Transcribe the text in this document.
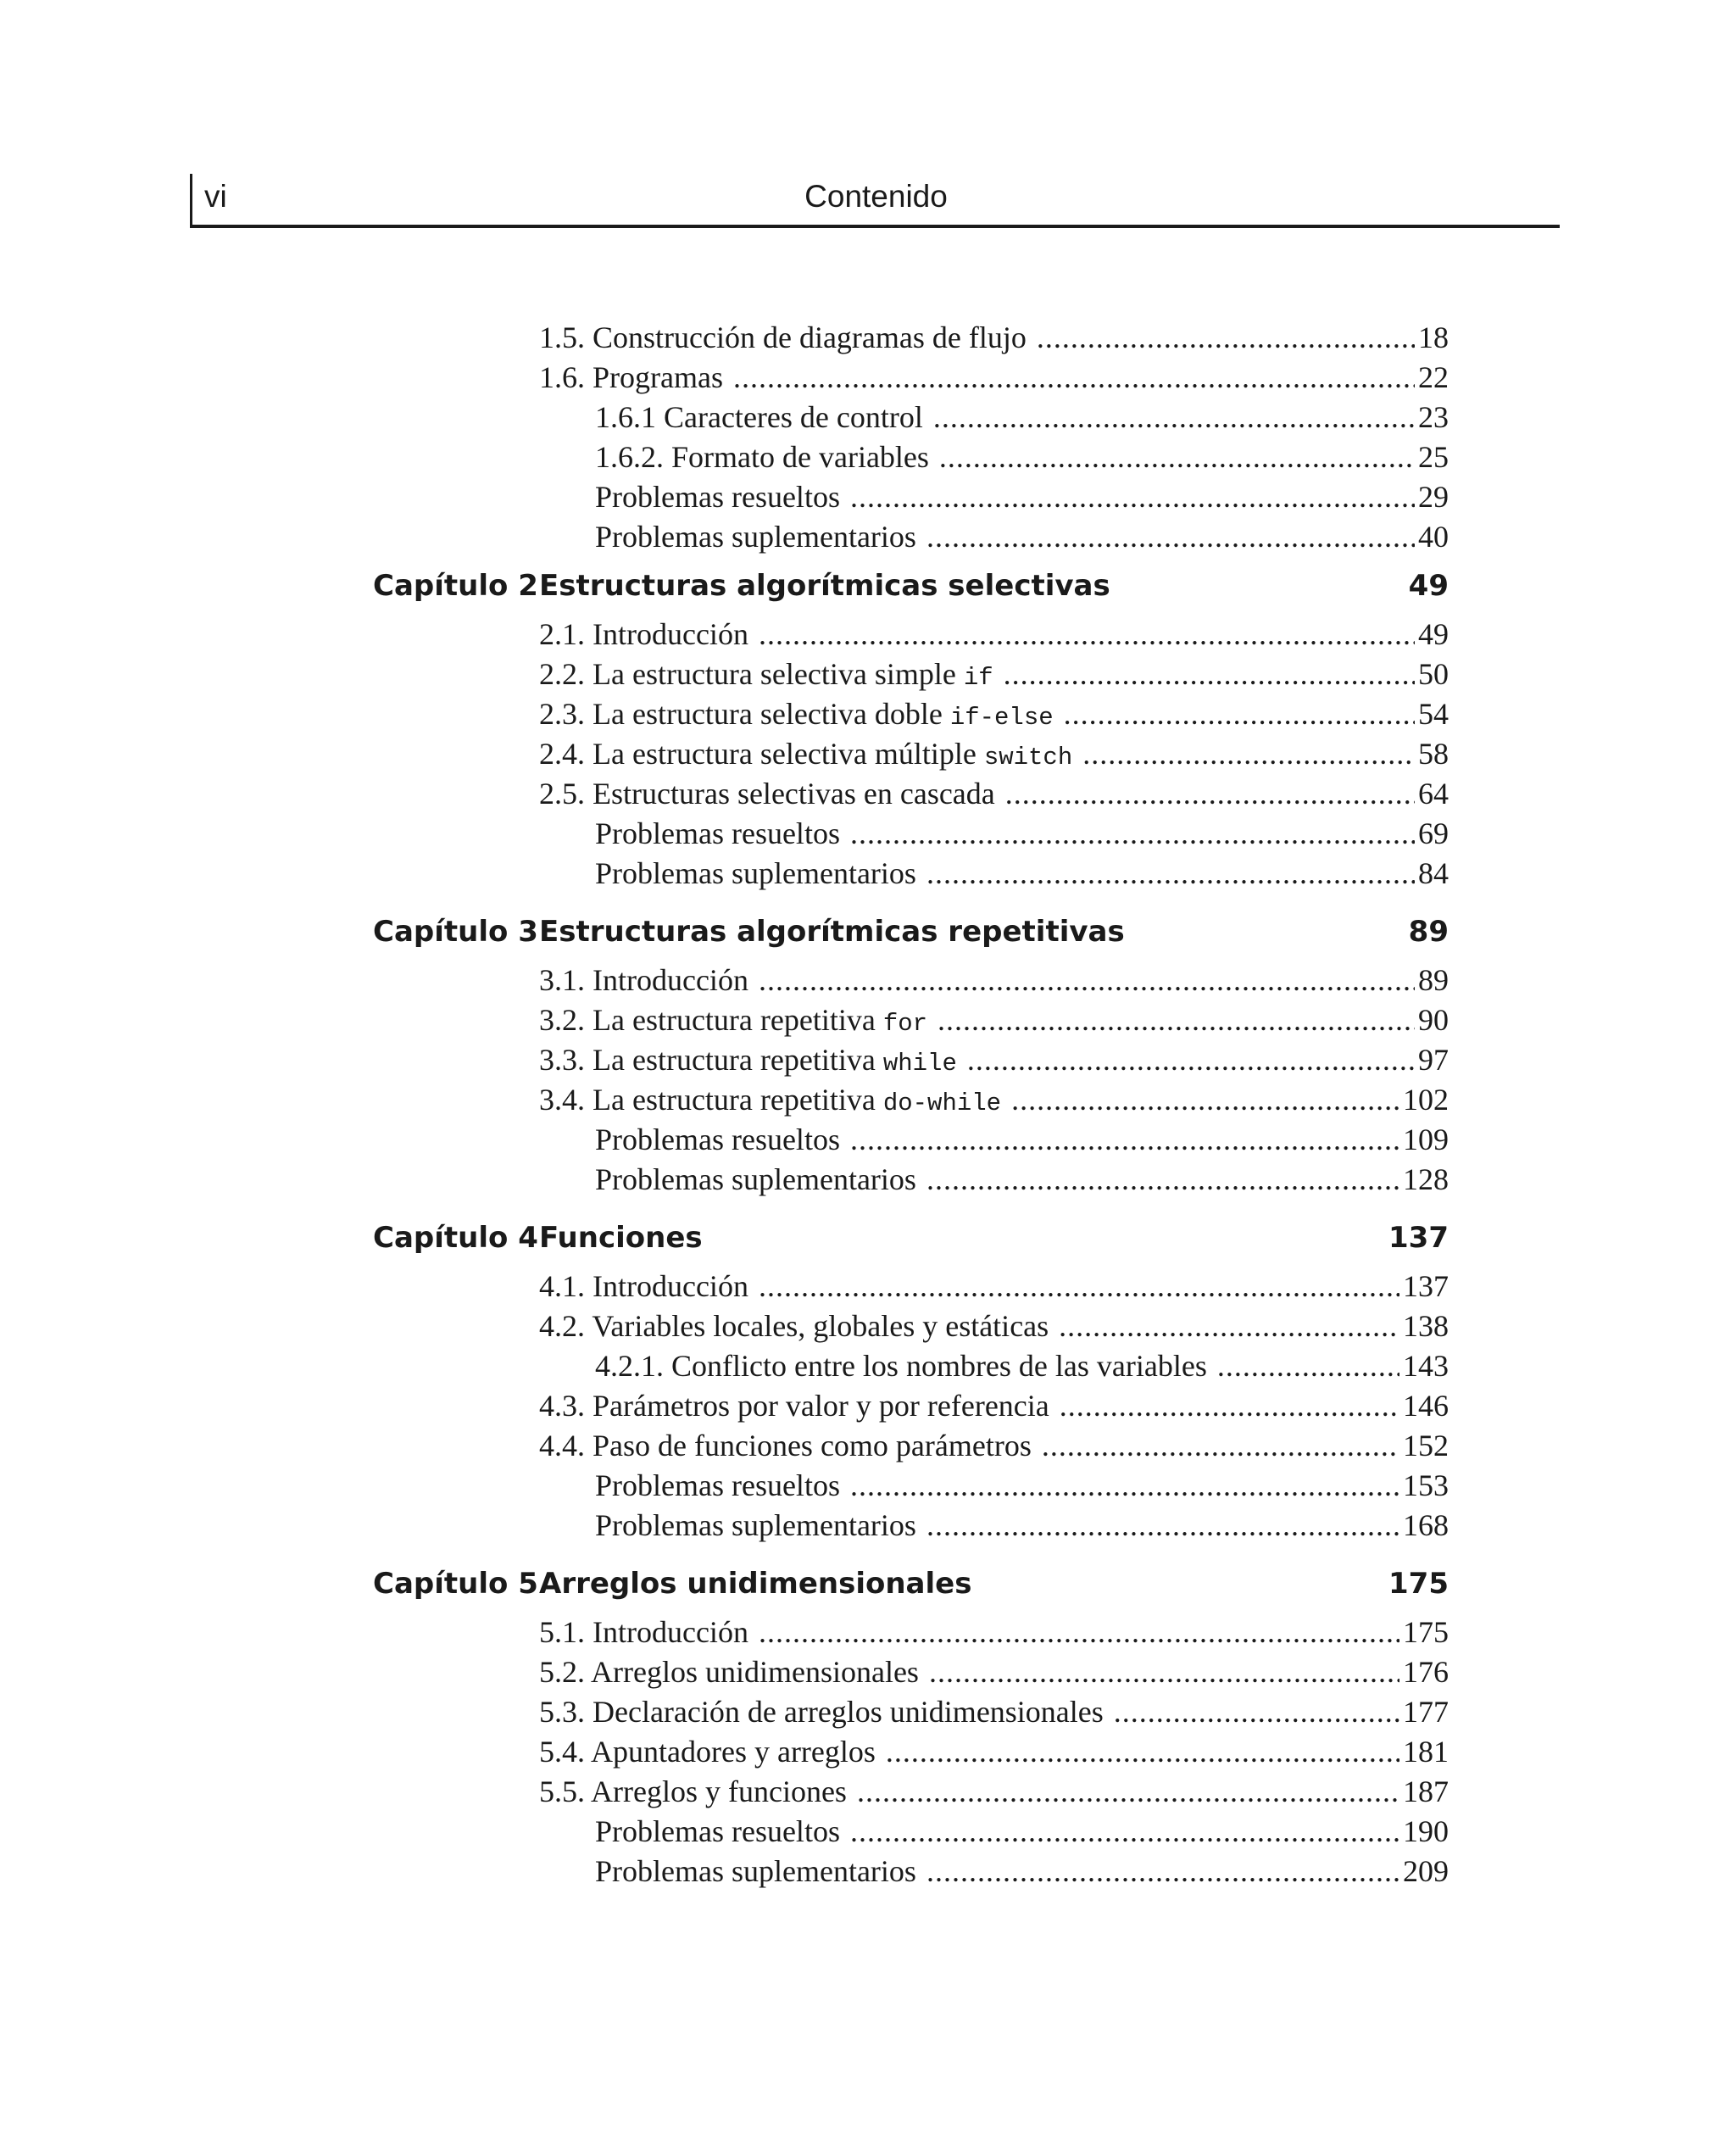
vi	Contenido
1.5. Construcción de diagramas de flujo .....	18
1.6. Programas .....	22
1.6.1 Caracteres de control .....	23
1.6.2. Formato de variables .....	25
Problemas resueltos .....	29
Problemas suplementarios .....	40
Capítulo 2 Estructuras algorítmicas selectivas	49
2.1. Introducción .....	49
2.2. La estructura selectiva simple if .....	50
2.3. La estructura selectiva doble if-else .....	54
2.4. La estructura selectiva múltiple switch .....	58
2.5. Estructuras selectivas en cascada .....	64
Problemas resueltos .....	69
Problemas suplementarios .....	84
Capítulo 3 Estructuras algorítmicas repetitivas	89
3.1. Introducción .....	89
3.2. La estructura repetitiva for .....	90
3.3. La estructura repetitiva while .....	97
3.4. La estructura repetitiva do-while .....	102
Problemas resueltos .....	109
Problemas suplementarios .....	128
Capítulo 4 Funciones	137
4.1. Introducción .....	137
4.2. Variables locales, globales y estáticas .....	138
4.2.1. Conflicto entre los nombres de las variables .....	143
4.3. Parámetros por valor y por referencia .....	146
4.4. Paso de funciones como parámetros .....	152
Problemas resueltos .....	153
Problemas suplementarios .....	168
Capítulo 5 Arreglos unidimensionales	175
5.1. Introducción .....	175
5.2. Arreglos unidimensionales .....	176
5.3. Declaración de arreglos unidimensionales .....	177
5.4. Apuntadores y arreglos .....	181
5.5. Arreglos y funciones .....	187
Problemas resueltos .....	190
Problemas suplementarios .....	209
